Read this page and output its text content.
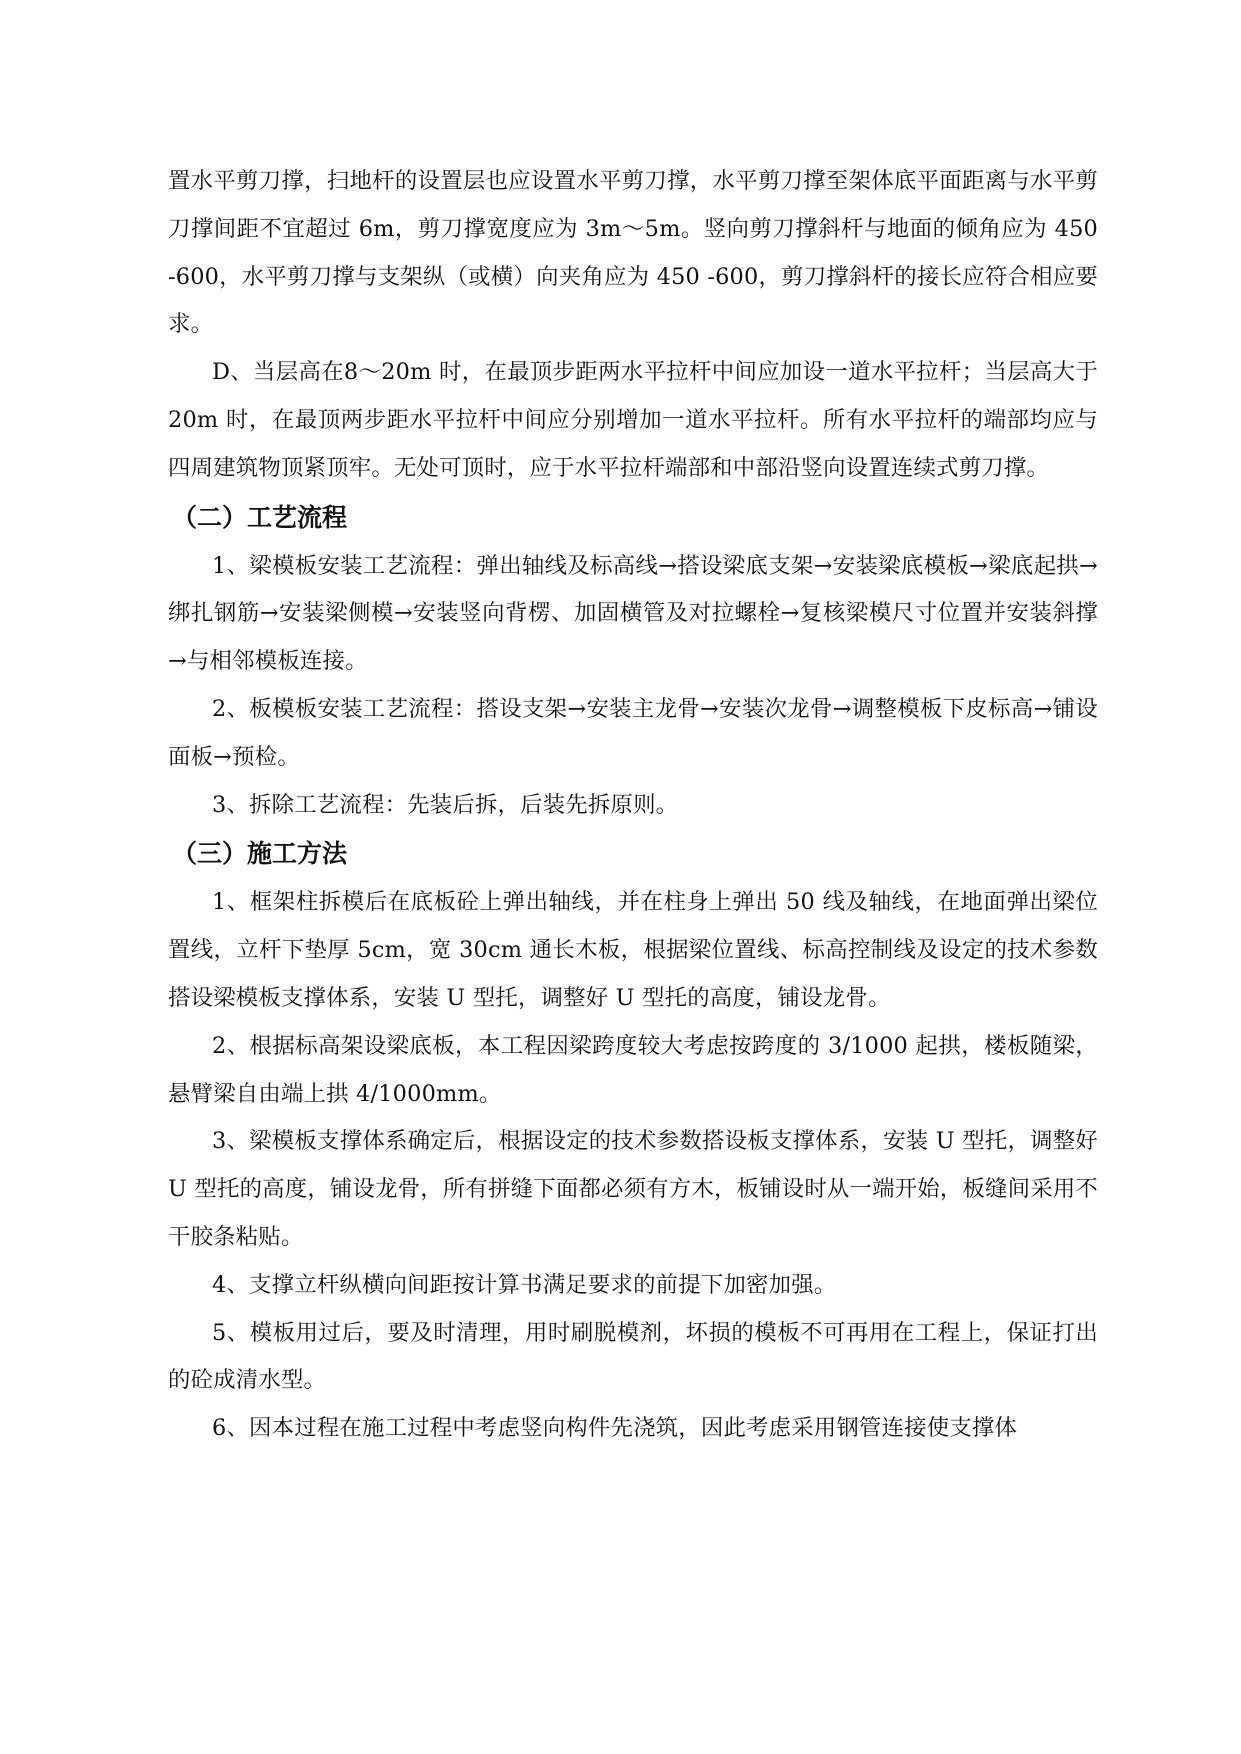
置水平剪刀撑，扫地杆的设置层也应设置水平剪刀撑，水平剪刀撑至架体底平面距离与水平剪刀撑间距不宜超过 6m，剪刀撑宽度应为 3m～5m。竖向剪刀撑斜杆与地面的倾角应为 450 -600，水平剪刀撑与支架纵（或横）向夹角应为 450 -600，剪刀撑斜杆的接长应符合相应要求。

D、当层高在8～20m 时，在最顶步距两水平拉杆中间应加设一道水平拉杆；当层高大于 20m 时，在最顶两步距水平拉杆中间应分别增加一道水平拉杆。所有水平拉杆的端部均应与四周建筑物顶紧顶牢。无处可顶时，应于水平拉杆端部和中部沿竖向设置连续式剪刀撑。

（二）工艺流程

1、梁模板安装工艺流程：弹出轴线及标高线→搭设梁底支架→安装梁底模板→梁底起拱→绑扎钢筋→安装梁侧模→安装竖向背楞、加固横管及对拉螺栓→复核梁模尺寸位置并安装斜撑→与相邻模板连接。

2、板模板安装工艺流程：搭设支架→安装主龙骨→安装次龙骨→调整模板下皮标高→铺设面板→预检。

3、拆除工艺流程：先装后拆，后装先拆原则。

（三）施工方法

1、框架柱拆模后在底板砼上弹出轴线，并在柱身上弹出 50 线及轴线，在地面弹出梁位置线，立杆下垫厚 5cm，宽 30cm 通长木板，根据梁位置线、标高控制线及设定的技术参数搭设梁模板支撑体系，安装 U 型托，调整好 U 型托的高度，铺设龙骨。

2、根据标高架设梁底板，本工程因梁跨度较大考虑按跨度的 3/1000 起拱，楼板随梁，悬臂梁自由端上拱 4/1000mm。

3、梁模板支撑体系确定后，根据设定的技术参数搭设板支撑体系，安装 U 型托，调整好 U 型托的高度，铺设龙骨，所有拼缝下面都必须有方木，板铺设时从一端开始，板缝间采用不干胶条粘贴。

4、支撑立杆纵横向间距按计算书满足要求的前提下加密加强。

5、模板用过后，要及时清理，用时刷脱模剂，坏损的模板不可再用在工程上，保证打出的砼成清水型。

6、因本过程在施工过程中考虑竖向构件先浇筑，因此考虑采用钢管连接使支撑体
